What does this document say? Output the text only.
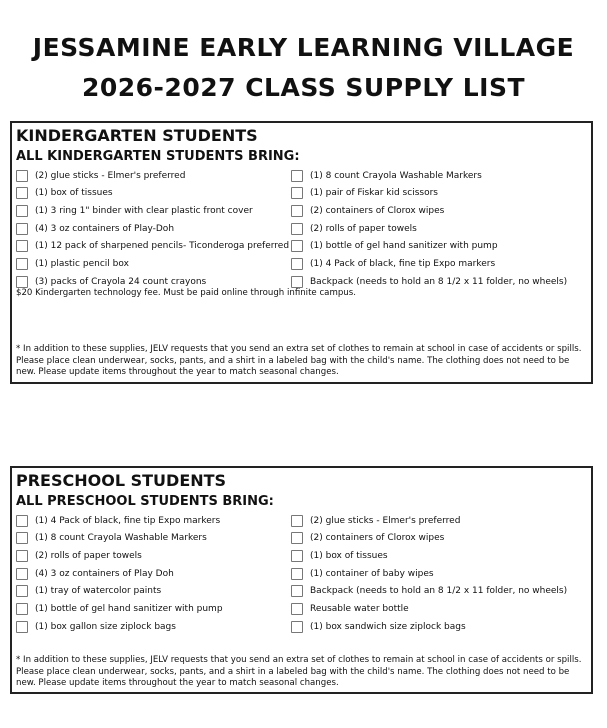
JESSAMINE EARLY LEARNING VILLAGE
2026-2027 CLASS SUPPLY LIST
KINDERGARTEN STUDENTS
ALL KINDERGARTEN STUDENTS BRING:
$20 Kindergarten technology fee. Must be paid online through infinite campus.
* In addition to these supplies, JELV requests that you send an extra set of clothes to remain at school in case of accidents or spills. Please place clean underwear, socks, pants, and a shirt in a labeled bag with the child's name. The clothing does not need to be new. Please update items throughout the year to match seasonal changes.
(2) glue sticks - Elmer's preferred
(1) box of tissues
(1) 3 ring 1" binder with clear plastic front cover
(4) 3 oz containers of Play-Doh
(1) 12 pack of sharpened pencils- Ticonderoga preferred
(1) plastic pencil box
(3) packs of Crayola 24 count crayons
(1) 8 count Crayola Washable Markers
(1) pair of Fiskar kid scissors
(2) containers of Clorox wipes
(2) rolls of paper towels
(1) bottle of gel hand sanitizer with pump
(1) 4 Pack of black, fine tip Expo markers
Backpack (needs to hold an 8 1/2 x 11 folder, no wheels)
PRESCHOOL STUDENTS
ALL PRESCHOOL STUDENTS BRING:
* In addition to these supplies, JELV requests that you send an extra set of clothes to remain at school in case of accidents or spills. Please place clean underwear, socks, pants, and a shirt in a labeled bag with the child's name. The clothing does not need to be new. Please update items throughout the year to match seasonal changes.
(1) 4 Pack of black, fine tip Expo markers
(1) 8 count Crayola Washable Markers
(2) rolls of paper towels
(4) 3 oz containers of Play Doh
(1) tray of watercolor paints
(1) bottle of gel hand sanitizer with pump
(1) box gallon size ziplock bags
(2) glue sticks - Elmer's preferred
(2) containers of Clorox wipes
(1) box of tissues
(1) container of baby wipes
Backpack (needs to hold an 8 1/2 x 11 folder, no wheels)
Reusable water bottle
(1) box sandwich size ziplock bags
